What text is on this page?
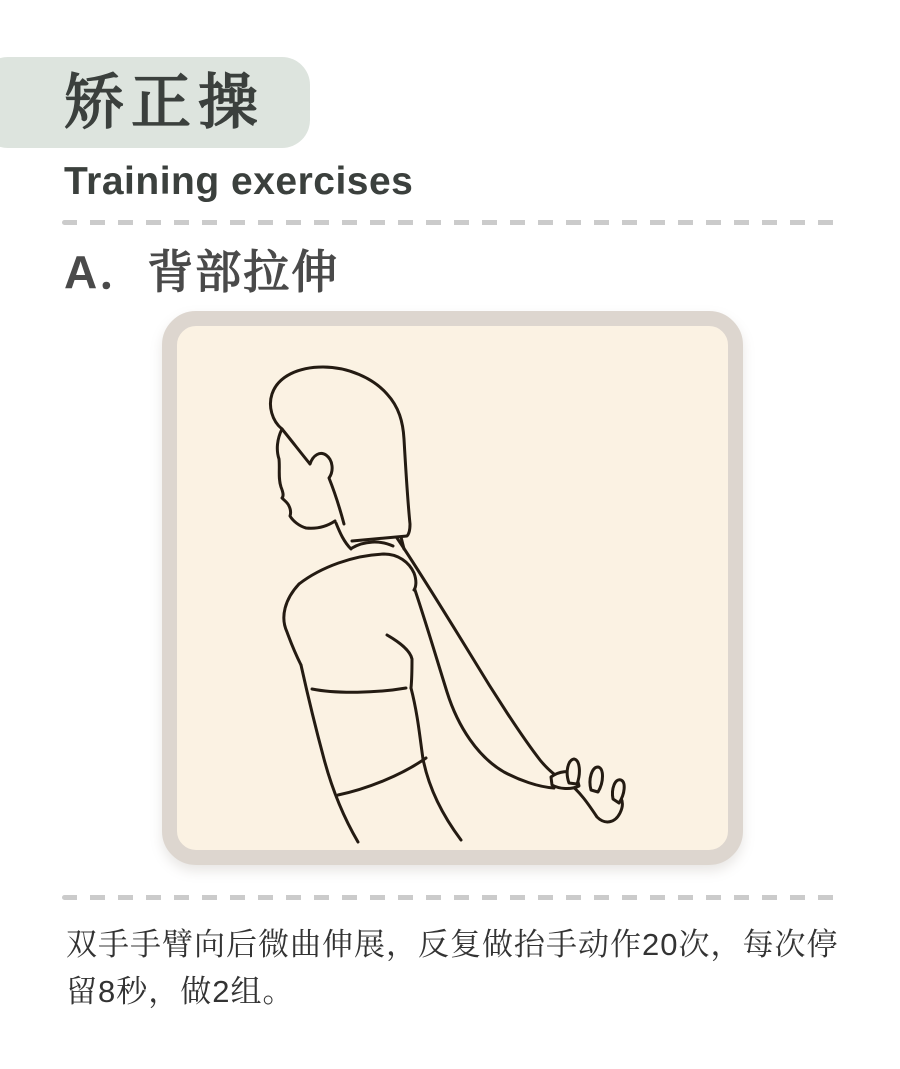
矫正操
Training exercises
A．背部拉伸

双手手臂向后微曲伸展，反复做抬手动作20次，每次停

留8秒，做2组。
